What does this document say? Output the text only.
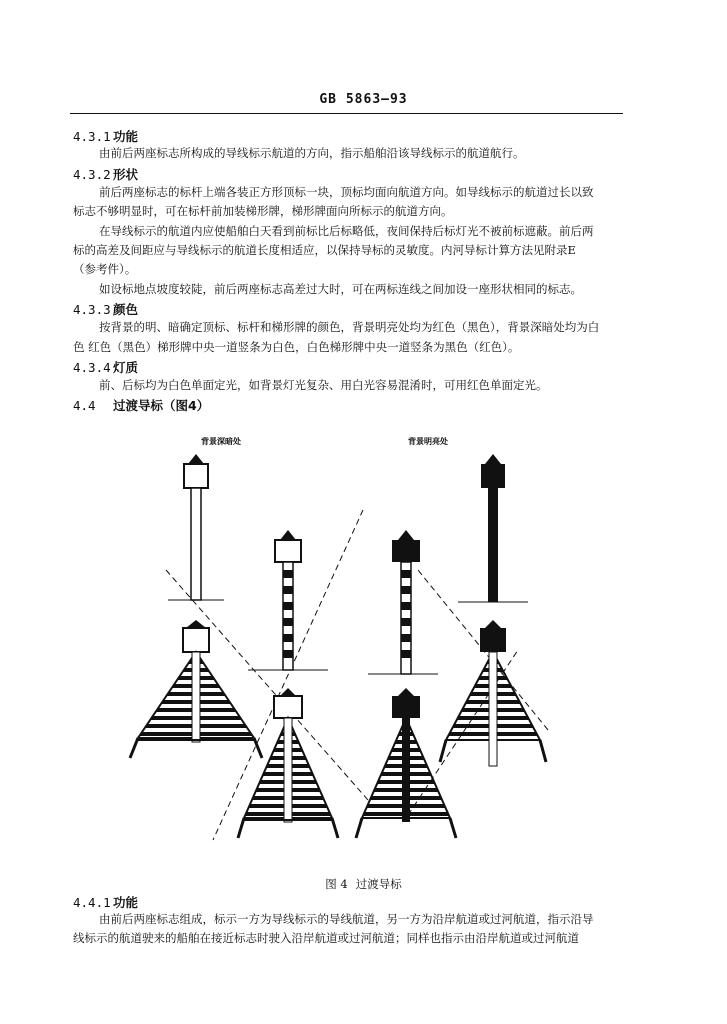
GB 5863—93
4.3.1 功能
由前后两座标志所构成的导线标示航道的方向，指示船舶沿该导线标示的航道航行。
4.3.2 形状
前后两座标志的标杆上端各装正方形顶标一块，顶标均面向航道方向。如导线标示的航道过长以致
标志不够明显时，可在标杆前加装梯形牌，梯形牌面向所标示的航道方向。
在导线标示的航道内应使船舶白天看到前标比后标略低，夜间保持后标灯光不被前标遮蔽。前后两
标的高差及间距应与导线标示的航道长度相适应，以保持导标的灵敏度。内河导标计算方法见附录E
（参考件）。
如设标地点坡度较陡，前后两座标志高差过大时，可在两标连线之间加设一座形状相同的标志。
4.3.3 颜色
按背景的明、暗确定顶标、标杆和梯形牌的颜色，背景明亮处均为红色（黑色），背景深暗处均为白
色 红色（黑色）梯形牌中央一道竖条为白色，白色梯形牌中央一道竖条为黑色（红色）。
4.3.4 灯质
前、后标均为白色单面定光，如背景灯光复杂、用白光容易混淆时，可用红色单面定光。
4.4 过渡导标（图4）
背景深暗处	背景明亮处
图 4 过渡导标
4.4.1 功能
由前后两座标志组成，标示一方为导线标示的导线航道，另一方为沿岸航道或过河航道，指示沿导
线标示的航道驶来的船舶在接近标志时驶入沿岸航道或过河航道；同样也指示由沿岸航道或过河航道
